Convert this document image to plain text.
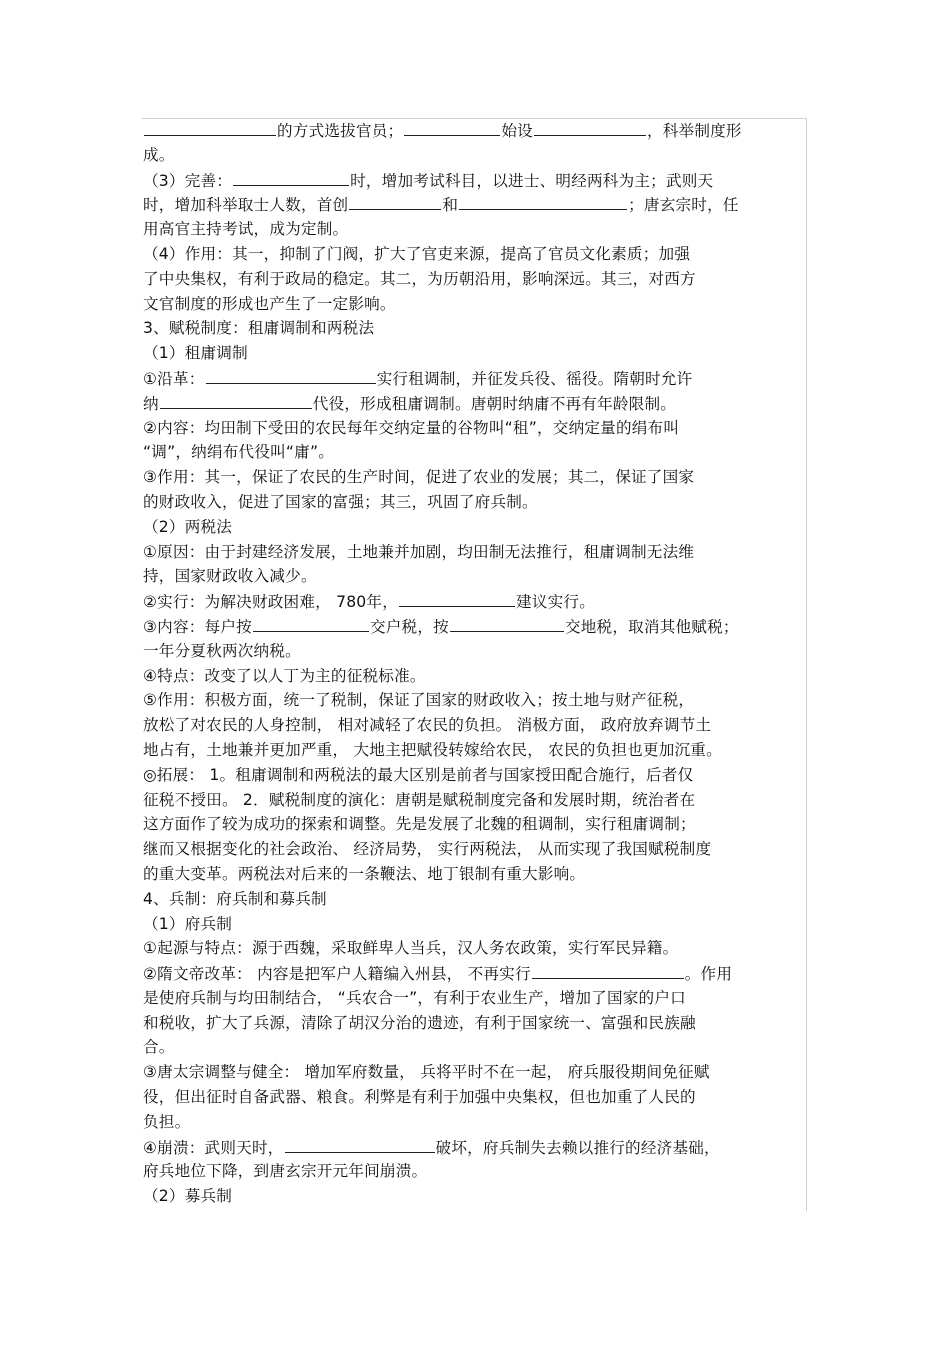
的方式选拔官员；	始设	，科举制度形
成。
（3）完善：	时，增加考试科目，以进士、明经两科为主；武则天
时，增加科举取士人数，首创	和	；唐玄宗时，任
用高官主持考试，成为定制。
（4）作用：其一，抑制了门阀，扩大了官吏来源，提高了官员文化素质；加强
了中央集权，有利于政局的稳定。其二，为历朝沿用，影响深远。其三，对西方
文官制度的形成也产生了一定影响。
3、赋税制度：租庸调制和两税法
（1）租庸调制
①沿革：	实行租调制，并征发兵役、徭役。隋朝时允许
纳	代役，形成租庸调制。唐朝时纳庸不再有年龄限制。
②内容：均田制下受田的农民每年交纳定量的谷物叫“租”，交纳定量的绢布叫
“调”，纳绢布代役叫“庸”。
③作用：其一，保证了农民的生产时间，促进了农业的发展；其二，保证了国家
的财政收入，促进了国家的富强；其三，巩固了府兵制。
（2）两税法
①原因：由于封建经济发展，土地兼并加剧，均田制无法推行，租庸调制无法维
持，国家财政收入减少。
②实行：为解决财政困难， 780年，	建议实行。
③内容：每户按	交户税，按	交地税，取消其他赋税；
一年分夏秋两次纳税。
④特点：改变了以人丁为主的征税标准。
⑤作用：积极方面，统一了税制，保证了国家的财政收入；按土地与财产征税，
放松了对农民的人身控制， 相对减轻了农民的负担。 消极方面， 政府放弃调节土
地占有，土地兼并更加严重， 大地主把赋役转嫁给农民， 农民的负担也更加沉重。
◎拓展： 1。租庸调制和两税法的最大区别是前者与国家授田配合施行，后者仅
征税不授田。 2．赋税制度的演化：唐朝是赋税制度完备和发展时期，统治者在
这方面作了较为成功的探索和调整。先是发展了北魏的租调制，实行租庸调制；
继而又根据变化的社会政治、 经济局势， 实行两税法， 从而实现了我国赋税制度
的重大变革。两税法对后来的一条鞭法、地丁银制有重大影响。
4、兵制：府兵制和募兵制
（1）府兵制
①起源与特点：源于西魏，采取鲜卑人当兵，汉人务农政策，实行军民异籍。
②隋文帝改革： 内容是把军户人籍编入州县， 不再实行	。作用
是使府兵制与均田制结合， “兵农合一”，有利于农业生产，增加了国家的户口
和税收，扩大了兵源，清除了胡汉分治的遗迹，有利于国家统一、富强和民族融
合。
③唐太宗调整与健全： 增加军府数量， 兵将平时不在一起， 府兵服役期间免征赋
役，但出征时自备武器、粮食。利弊是有利于加强中央集权，但也加重了人民的
负担。
④崩溃：武则天时，	破坏，府兵制失去赖以推行的经济基础，
府兵地位下降，到唐玄宗开元年间崩溃。
（2）募兵制
